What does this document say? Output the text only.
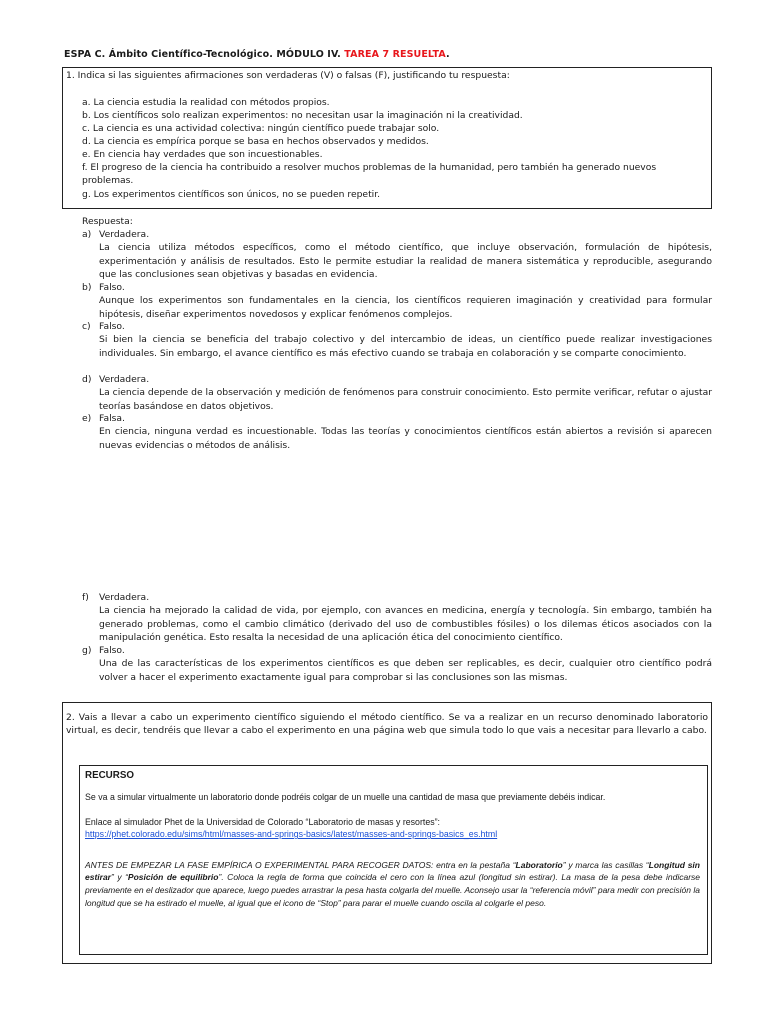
ESPA C. Ámbito Científico-Tecnológico. MÓDULO IV. TAREA 7 RESUELTA.
1. Indica si las siguientes afirmaciones son verdaderas (V) o falsas (F), justificando tu respuesta:
a. La ciencia estudia la realidad con métodos propios.
b. Los científicos solo realizan experimentos: no necesitan usar la imaginación ni la creatividad.
c. La ciencia es una actividad colectiva: ningún científico puede trabajar solo.
d. La ciencia es empírica porque se basa en hechos observados y medidos.
e. En ciencia hay verdades que son incuestionables.
f. El progreso de la ciencia ha contribuido a resolver muchos problemas de la humanidad, pero también ha generado nuevos problemas.
g. Los experimentos científicos son únicos, no se pueden repetir.
Respuesta:
a) Verdadera.
La ciencia utiliza métodos específicos, como el método científico, que incluye observación, formulación de hipótesis, experimentación y análisis de resultados. Esto le permite estudiar la realidad de manera sistemática y reproducible, asegurando que las conclusiones sean objetivas y basadas en evidencia.
b) Falso.
Aunque los experimentos son fundamentales en la ciencia, los científicos requieren imaginación y creatividad para formular hipótesis, diseñar experimentos novedosos y explicar fenómenos complejos.
c) Falso.
Si bien la ciencia se beneficia del trabajo colectivo y del intercambio de ideas, un científico puede realizar investigaciones individuales. Sin embargo, el avance científico es más efectivo cuando se trabaja en colaboración y se comparte conocimiento.
d) Verdadera.
La ciencia depende de la observación y medición de fenómenos para construir conocimiento. Esto permite verificar, refutar o ajustar teorías basándose en datos objetivos.
e) Falsa.
En ciencia, ninguna verdad es incuestionable. Todas las teorías y conocimientos científicos están abiertos a revisión si aparecen nuevas evidencias o métodos de análisis.
f) Verdadera.
La ciencia ha mejorado la calidad de vida, por ejemplo, con avances en medicina, energía y tecnología. Sin embargo, también ha generado problemas, como el cambio climático (derivado del uso de combustibles fósiles) o los dilemas éticos asociados con la manipulación genética. Esto resalta la necesidad de una aplicación ética del conocimiento científico.
g) Falso.
Una de las características de los experimentos científicos es que deben ser replicables, es decir, cualquier otro científico podrá volver a hacer el experimento exactamente igual para comprobar si las conclusiones son las mismas.
2. Vais a llevar a cabo un experimento científico siguiendo el método científico. Se va a realizar en un recurso denominado laboratorio virtual, es decir, tendréis que llevar a cabo el experimento en una página web que simula todo lo que vais a necesitar para llevarlo a cabo.
RECURSO
Se va a simular virtualmente un laboratorio donde podréis colgar de un muelle una cantidad de masa que previamente debéis indicar.
Enlace al simulador Phet de la Universidad de Colorado “Laboratorio de masas y resortes”:
https://phet.colorado.edu/sims/html/masses-and-springs-basics/latest/masses-and-springs-basics_es.html
ANTES DE EMPEZAR LA FASE EMPÍRICA O EXPERIMENTAL PARA RECOGER DATOS: entra en la pestaña “Laboratorio” y marca las casillas “Longitud sin estirar” y “Posición de equilibrio”. Coloca la regla de forma que coincida el cero con la línea azul (longitud sin estirar). La masa de la pesa debe indicarse previamente en el deslizador que aparece, luego puedes arrastrar la pesa hasta colgarla del muelle. Aconsejo usar la “referencia móvil” para medir con precisión la longitud que se ha estirado el muelle, al igual que el icono de “Stop” para parar el muelle cuando oscila al colgarle el peso.
